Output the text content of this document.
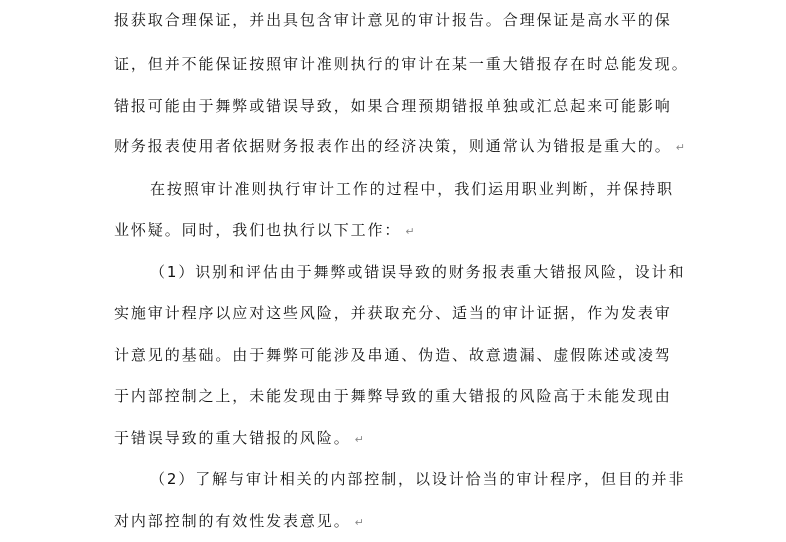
报获取合理保证，并出具包含审计意见的审计报告。合理保证是高水平的保
证，但并不能保证按照审计准则执行的审计在某一重大错报存在时总能发现。
错报可能由于舞弊或错误导致，如果合理预期错报单独或汇总起来可能影响
财务报表使用者依据财务报表作出的经济决策，则通常认为错报是重大的。 ↵
在按照审计准则执行审计工作的过程中，我们运用职业判断，并保持职
业怀疑。同时，我们也执行以下工作： ↵
（1）识别和评估由于舞弊或错误导致的财务报表重大错报风险，设计和
实施审计程序以应对这些风险，并获取充分、适当的审计证据，作为发表审
计意见的基础。由于舞弊可能涉及串通、伪造、故意遗漏、虚假陈述或凌驾
于内部控制之上，未能发现由于舞弊导致的重大错报的风险高于未能发现由
于错误导致的重大错报的风险。 ↵
（2）了解与审计相关的内部控制，以设计恰当的审计程序，但目的并非
对内部控制的有效性发表意见。 ↵
